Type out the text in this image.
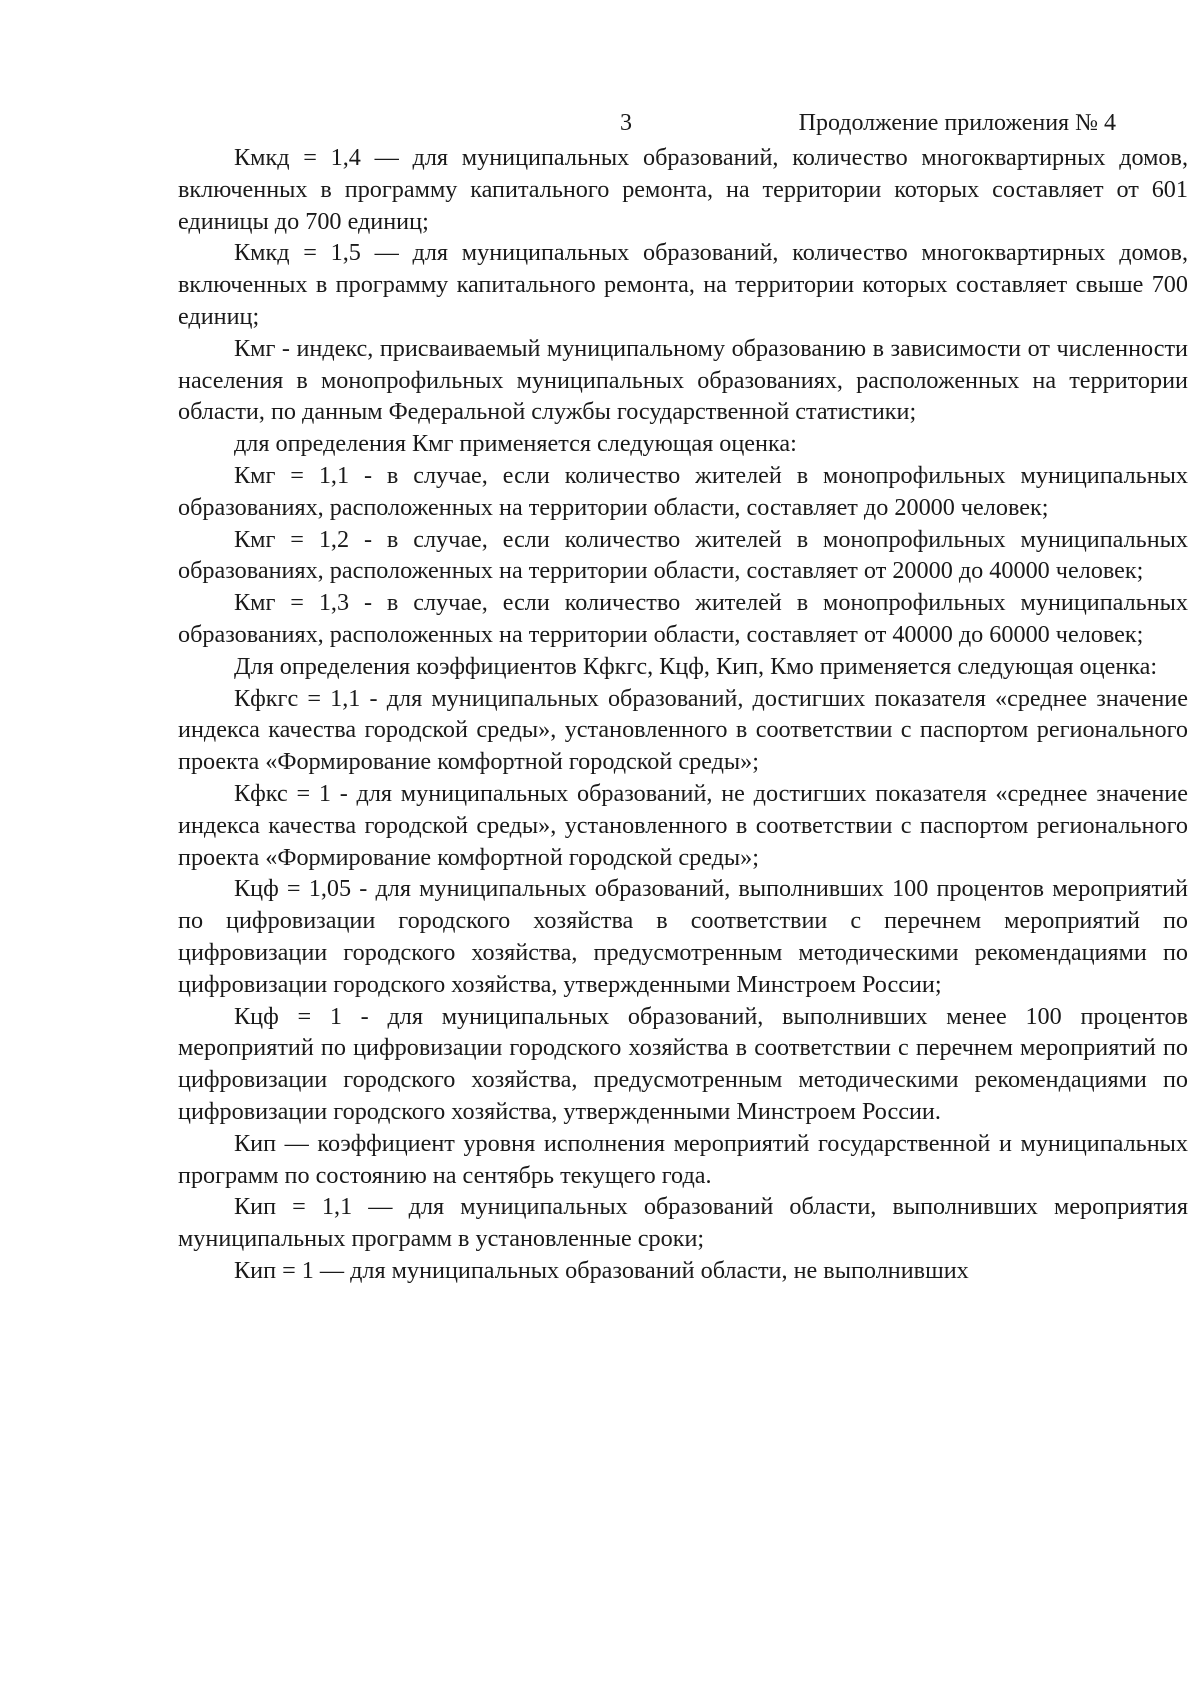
3	Продолжение приложения № 4

Кмкд = 1,4 — для муниципальных образований, количество многоквартирных домов, включенных в программу капитального ремонта, на территории которых составляет от 601 единицы до 700 единиц;

Кмкд = 1,5 — для муниципальных образований, количество многоквартирных домов, включенных в программу капитального ремонта, на территории которых составляет свыше 700 единиц;

Кмг - индекс, присваиваемый муниципальному образованию в зависимости от численности населения в монопрофильных муниципальных образованиях, расположенных на территории области, по данным Федеральной службы государственной статистики;

для определения Кмг применяется следующая оценка:

Кмг = 1,1 - в случае, если количество жителей в монопрофильных муниципальных образованиях, расположенных на территории области, составляет до 20000 человек;

Кмг = 1,2 - в случае, если количество жителей в монопрофильных муниципальных образованиях, расположенных на территории области, составляет от 20000 до 40000 человек;

Кмг = 1,3 - в случае, если количество жителей в монопрофильных муниципальных образованиях, расположенных на территории области, составляет от 40000 до 60000 человек;

Для определения коэффициентов Кфкгс, Кцф, Кип, Кмо применяется следующая оценка:

Кфкгс = 1,1 - для муниципальных образований, достигших показателя «среднее значение индекса качества городской среды», установленного в соответствии с паспортом регионального проекта «Формирование комфортной городской среды»;

Кфкс = 1 - для муниципальных образований, не достигших показателя «среднее значение индекса качества городской среды», установленного в соответствии с паспортом регионального проекта «Формирование комфортной городской среды»;

Кцф = 1,05 - для муниципальных образований, выполнивших 100 процентов мероприятий по цифровизации городского хозяйства в соответствии с перечнем мероприятий по цифровизации городского хозяйства, предусмотренным методическими рекомендациями по цифровизации городского хозяйства, утвержденными Минстроем России;

Кцф = 1 - для муниципальных образований, выполнивших менее 100 процентов мероприятий по цифровизации городского хозяйства в соответствии с перечнем мероприятий по цифровизации городского хозяйства, предусмотренным методическими рекомендациями по цифровизации городского хозяйства, утвержденными Минстроем России.

Кип — коэффициент уровня исполнения мероприятий государственной и муниципальных программ по состоянию на сентябрь текущего года.

Кип = 1,1 — для муниципальных образований области, выполнивших мероприятия муниципальных программ в установленные сроки;

Кип = 1 — для муниципальных образований области, не выполнивших
